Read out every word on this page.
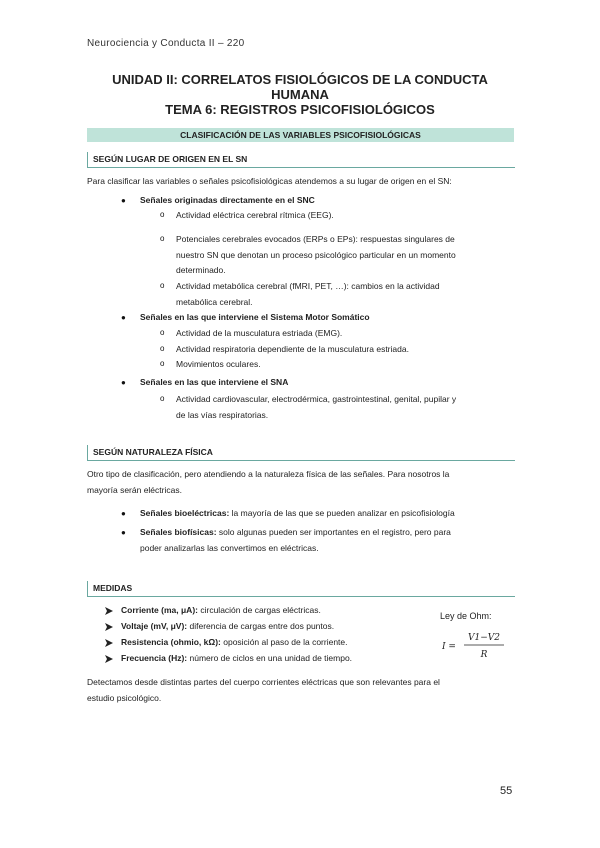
Neurociencia y Conducta II – 220
UNIDAD II: CORRELATOS FISIOLÓGICOS DE LA CONDUCTA HUMANA
TEMA 6: REGISTROS PSICOFISIOLÓGICOS
CLASIFICACIÓN DE LAS VARIABLES PSICOFISIOLÓGICAS
SEGÚN LUGAR DE ORIGEN EN EL SN
Para clasificar las variables o señales psicofisiológicas atendemos a su lugar de origen en el SN:
● Señales originadas directamente en el SNC
o Actividad eléctrica cerebral rítmica (EEG).
o Potenciales cerebrales evocados (ERPs o EPs): respuestas singulares de
nuestro SN que denotan un proceso psicológico particular en un momento
determinado.
o Actividad metabólica cerebral (fMRI, PET, …): cambios en la actividad
metabólica cerebral.
● Señales en las que interviene el Sistema Motor Somático
o Actividad de la musculatura estriada (EMG).
o Actividad respiratoria dependiente de la musculatura estriada.
o Movimientos oculares.
● Señales en las que interviene el SNA
o Actividad cardiovascular, electrodérmica, gastrointestinal, genital, pupilar y
de las vías respiratorias.
SEGÚN NATURALEZA FÍSICA
Otro tipo de clasificación, pero atendiendo a la naturaleza física de las señales. Para nosotros la
mayoría serán eléctricas.
● Señales bioeléctricas: la mayoría de las que se pueden analizar en psicofisiología
● Señales biofísicas: solo algunas pueden ser importantes en el registro, pero para
poder analizarlas las convertimos en eléctricas.
MEDIDAS
Corriente (ma, μA): circulación de cargas eléctricas.
Voltaje (mV, μV): diferencia de cargas entre dos puntos.
Resistencia (ohmio, kΩ): oposición al paso de la corriente.
Frecuencia (Hz): número de ciclos en una unidad de tiempo.
Ley de Ohm:
I =
V1−V2
R
Detectamos desde distintas partes del cuerpo corrientes eléctricas que son relevantes para el
estudio psicológico.
55
